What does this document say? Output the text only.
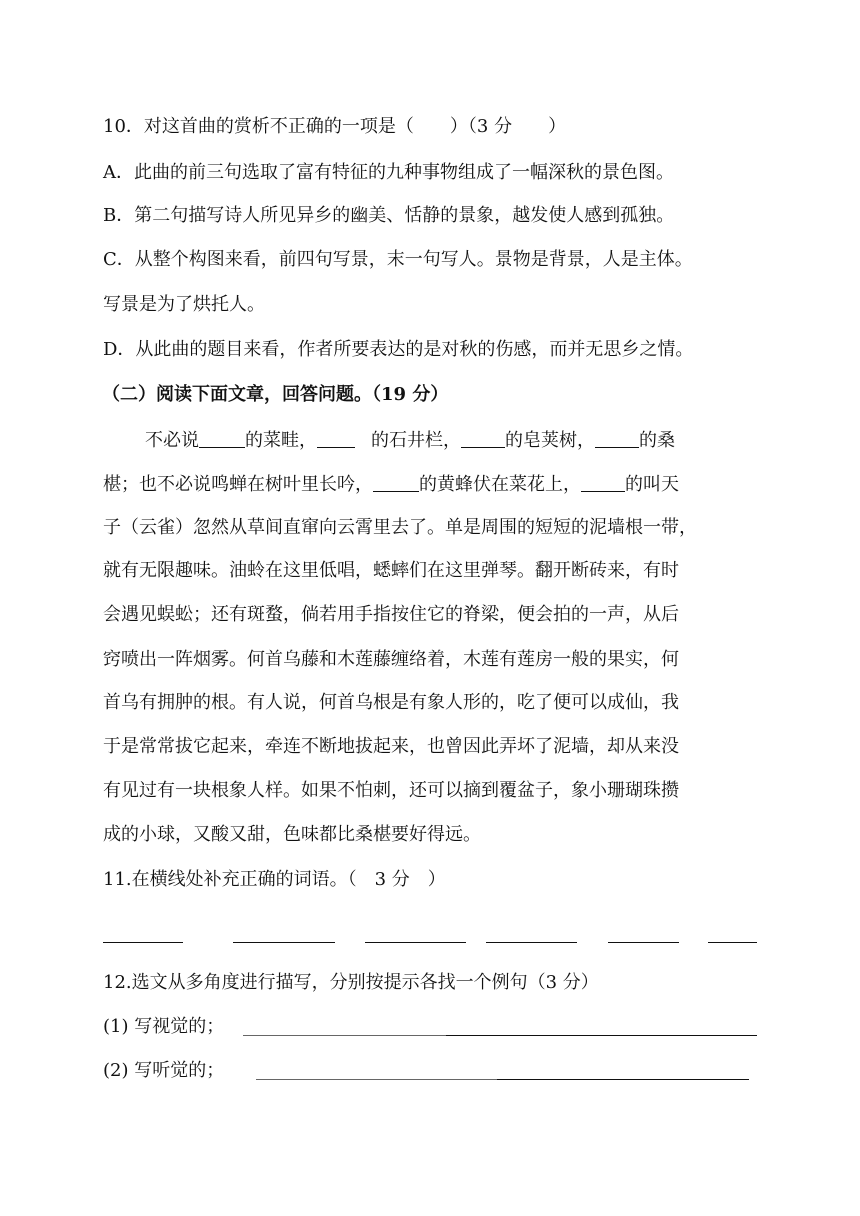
10．对这首曲的赏析不正确的一项是（　　）（3 分　　）
A．此曲的前三句选取了富有特征的九种事物组成了一幅深秋的景色图。
B．第二句描写诗人所见异乡的幽美、恬静的景象，越发使人感到孤独。
C．从整个构图来看，前四句写景，末一句写人。景物是背景，人是主体。
写景是为了烘托人。
D．从此曲的题目来看，作者所要表达的是对秋的伤感，而并无思乡之情。
（二）阅读下面文章，回答问题。（19 分）
不必说	的菜畦，	的石井栏， 的皂荚树， 的桑
椹；也不必说鸣蝉在树叶里长吟，	的黄蜂伏在菜花上， 的叫天
子（云雀）忽然从草间直窜向云霄里去了。单是周围的短短的泥墙根一带，
就有无限趣味。油蛉在这里低唱，蟋蟀们在这里弹琴。翻开断砖来，有时
会遇见蜈蚣；还有斑蝥，倘若用手指按住它的脊梁，便会拍的一声，从后
窍喷出一阵烟雾。何首乌藤和木莲藤缠络着，木莲有莲房一般的果实，何
首乌有拥肿的根。有人说，何首乌根是有象人形的，吃了便可以成仙，我
于是常常拔它起来，牵连不断地拔起来，也曾因此弄坏了泥墙，却从来没
有见过有一块根象人样。如果不怕刺，还可以摘到覆盆子，象小珊瑚珠攒
成的小球，又酸又甜，色味都比桑椹要好得远。
11.在横线处补充正确的词语。（　3 分　）
12.选文从多角度进行描写，分别按提示各找一个例句（3 分）
(1) 写视觉的；
(2) 写听觉的；
